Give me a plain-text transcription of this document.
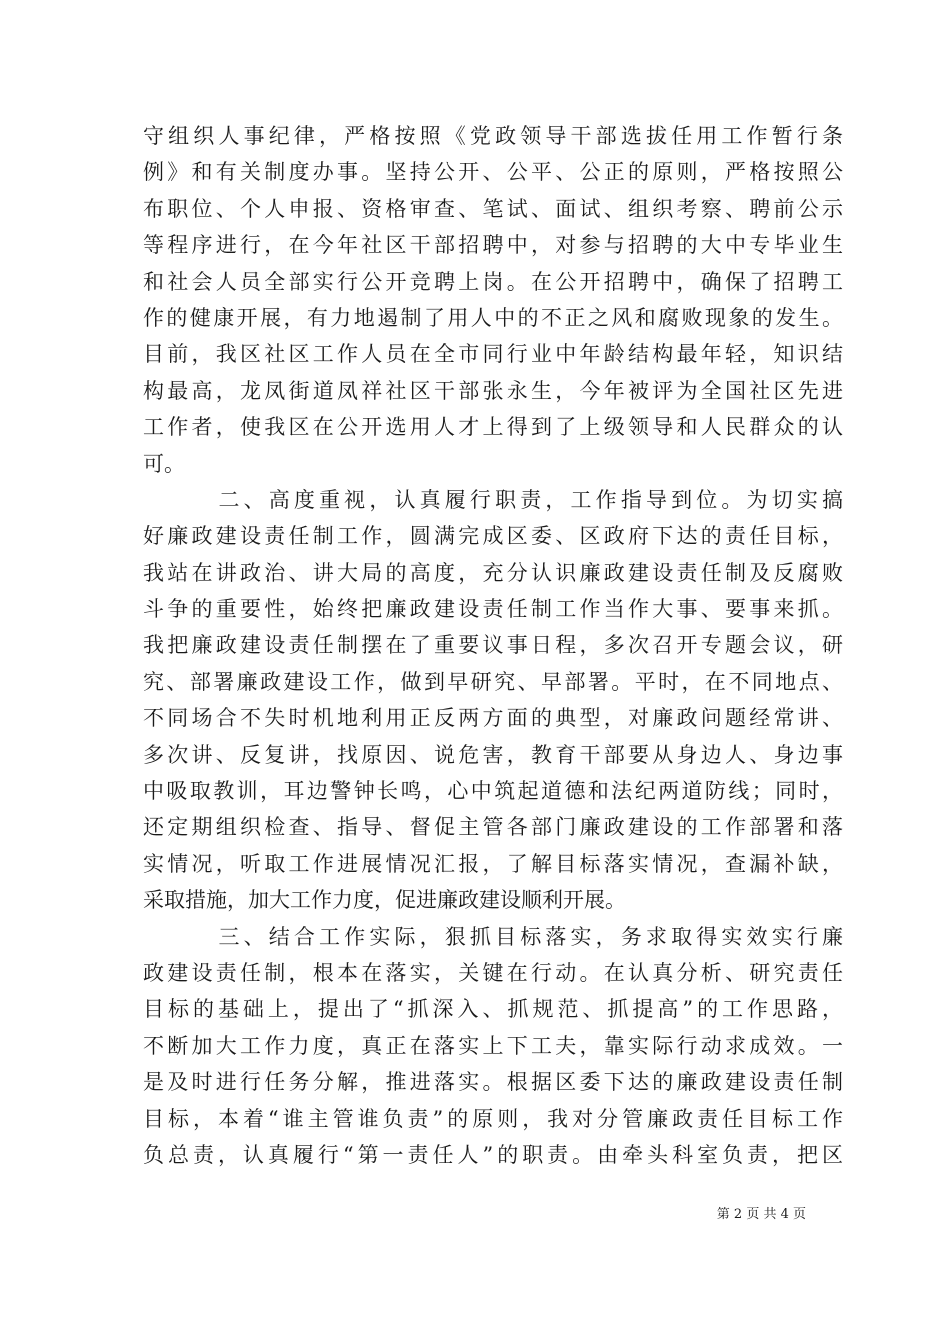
守组织人事纪律，严格按照《党政领导干部选拔任用工作暂行条
例》和有关制度办事。坚持公开、公平、公正的原则，严格按照公
布职位、个人申报、资格审查、笔试、面试、组织考察、聘前公示
等程序进行，在今年社区干部招聘中，对参与招聘的大中专毕业生
和社会人员全部实行公开竞聘上岗。在公开招聘中，确保了招聘工
作的健康开展，有力地遏制了用人中的不正之风和腐败现象的发生。
目前，我区社区工作人员在全市同行业中年龄结构最年轻，知识结
构最高，龙凤街道凤祥社区干部张永生，今年被评为全国社区先进
工作者，使我区在公开选用人才上得到了上级领导和人民群众的认
可。
　　　二、高度重视，认真履行职责，工作指导到位。为切实搞
好廉政建设责任制工作，圆满完成区委、区政府下达的责任目标，
我站在讲政治、讲大局的高度，充分认识廉政建设责任制及反腐败
斗争的重要性，始终把廉政建设责任制工作当作大事、要事来抓。
我把廉政建设责任制摆在了重要议事日程，多次召开专题会议，研
究、部署廉政建设工作，做到早研究、早部署。平时，在不同地点、
不同场合不失时机地利用正反两方面的典型，对廉政问题经常讲、
多次讲、反复讲，找原因、说危害，教育干部要从身边人、身边事
中吸取教训，耳边警钟长鸣，心中筑起道德和法纪两道防线；同时，
还定期组织检查、指导、督促主管各部门廉政建设的工作部署和落
实情况，听取工作进展情况汇报，了解目标落实情况，查漏补缺，
采取措施，加大工作力度，促进廉政建设顺利开展。
　　　三、结合工作实际，狠抓目标落实，务求取得实效实行廉
政建设责任制，根本在落实，关键在行动。在认真分析、研究责任
目标的基础上，提出了“抓深入、抓规范、抓提高”的工作思路，
不断加大工作力度，真正在落实上下工夫，靠实际行动求成效。一
是及时进行任务分解，推进落实。根据区委下达的廉政建设责任制
目标，本着“谁主管谁负责”的原则，我对分管廉政责任目标工作
负总责，认真履行“第一责任人”的职责。由牵头科室负责，把区
第 2 页 共 4 页
